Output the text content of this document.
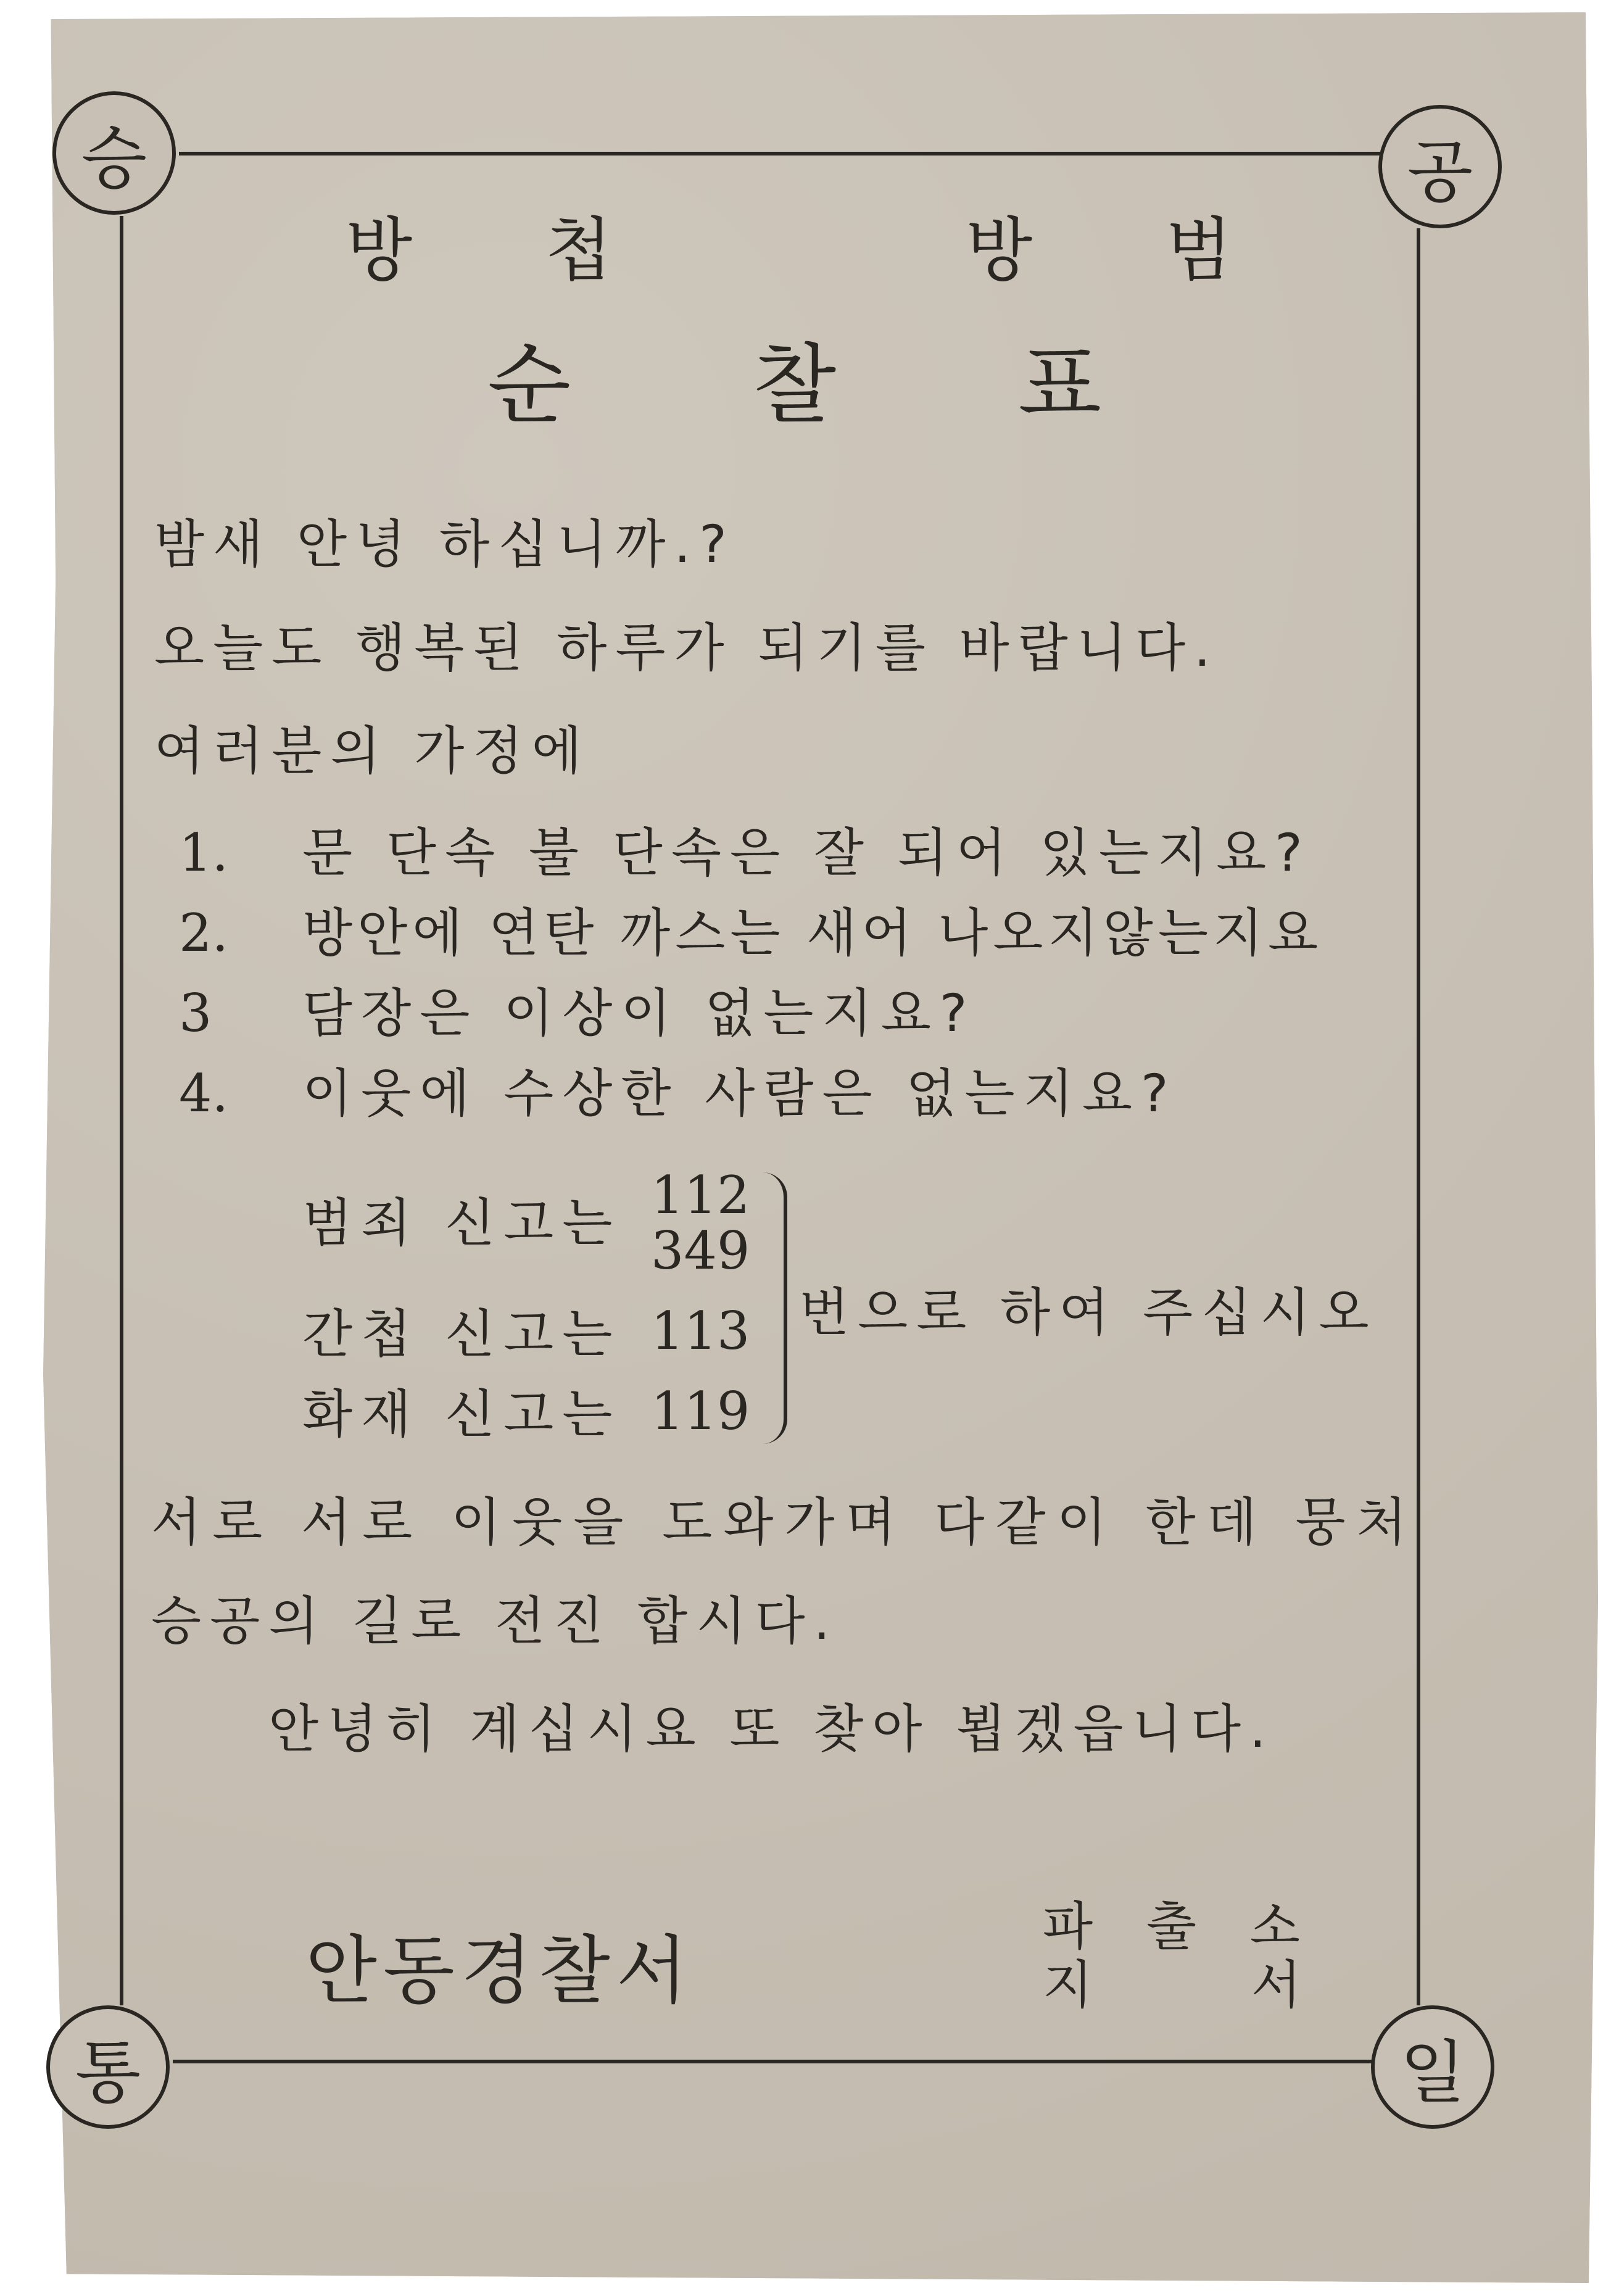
승	공
통	일
방 첩	방 범
순 찰 표
밤새 안녕 하십니까.?
오늘도 행복된 하루가 되기를 바랍니다.
여러분의 가정에
1. 문 단속 불 단속은 잘 되어 있는지요?
2. 방안에 연탄 까스는 새어 나오지않는지요
3 담장은 이상이 없는지요?
4. 이웃에 수상한 사람은 없는지요?
범죄 신고는 112
349
간첩 신고는 113
화재 신고는 119
번으로 하여 주십시오
서로 서로 이웃을 도와가며 다같이 한데 뭉처
승공의 길로 전진 합시다.
안녕히 계십시요 또 찾아 뵙겠읍니다.
안동경찰서
파 출 소
지    서
